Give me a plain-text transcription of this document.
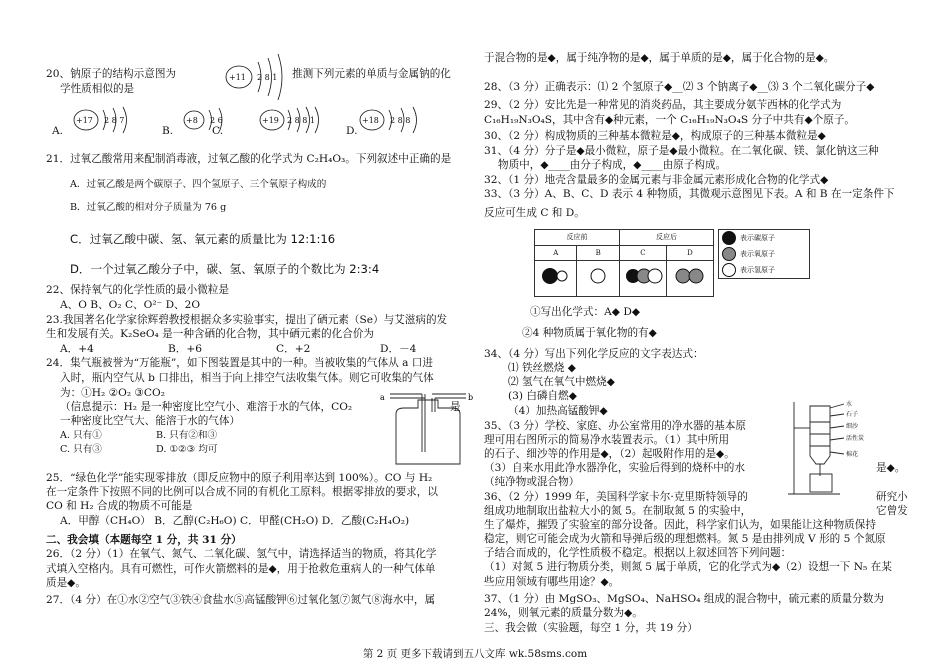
20、钠原子的结构示意图为	推测下列元素的单质与金属钠的化
学性质相似的是
+11 2 8 1
A.
+17 2 8 7
B.
+8 2 6
C.
+19 2 8 8 1
D.
+18 2 8 8
21．过氧乙酸常用来配制消毒液，过氧乙酸的化学式为 C₂H₄O₃。下列叙述中正确的是
A．过氧乙酸是两个碳原子、四个氢原子、三个氧原子构成的
B．过氧乙酸的相对分子质量为 76 g
C．过氧乙酸中碳、氢、氧元素的质量比为 12:1:16
D．一个过氧乙酸分子中，碳、氢、氧原子的个数比为 2:3:4
22、保持氧气的化学性质的最小微粒是
A、O B、O₂ C、O²⁻ D、2O
23.我国著名化学家徐辉碧教授根据众多实验事实，提出了硒元素（Se）与艾滋病的发
生和发展有关。K₂SeO₄ 是一种含硒的化合物，其中硒元素的化合价为
A．+4	B．+6	C．+2	D．－4
24．集气瓶被誉为“万能瓶”，如下图装置是其中的一种。当被收集的气体从 a 口进
入时，瓶内空气从 b 口排出，相当于向上排空气法收集气体。则它可收集的气体
为：①H₂ ②O₂ ③CO₂
（信息提示：H₂ 是一种密度比空气小、难溶于水的气体，CO₂	是
一种密度比空气大、能溶于水的气体）
A. 只有①	B. 只有②和③
C. 只有③	D. ①②③ 均可
a	b
25．“绿色化学”能实现零排放（即反应物中的原子利用率达到 100%）。CO 与 H₂
在一定条件下按照不同的比例可以合成不同的有机化工原料。根据零排放的要求，以
CO 和 H₂ 合成的物质不可能是
A．甲醇（CH₄O） B．乙醇(C₂H₆O) C．甲醛(CH₂O) D．乙酸(C₂H₄O₂)
二、我会填（本题每空 1 分，共 31 分）
26．（2 分）（1）在氧气、氮气、二氧化碳、氢气中，请选择适当的物质，将其化学
式填入空格内。具有可燃性，可作火箭燃料的是◆，用于抢救危重病人的一种气体单
质是◆。
27．（4 分）在①水②空气③铁④食盐水⑤高锰酸钾⑥过氧化氢⑦氮气⑧海水中，属
于混合物的是◆，属于纯净物的是◆，属于单质的是◆，属于化合物的是◆。
28、（3 分）正确表示：⑴ 2 个氢原子◆__⑵ 3 个钠离子◆__⑶ 3 个二氧化碳分子◆
29、（2 分）安比先是一种常见的消炎药品，其主要成分氨苄西林的化学式为
C₁₆H₁₉N₃O₄S，其中含有◆种元素，一个 C₁₆H₁₉N₃O₄S 分子中共有◆个原子。
30、（2 分）构成物质的三种基本微粒是◆，构成原子的三种基本微粒是◆
31、（4 分）分子是◆最小微粒，原子是◆最小微粒。在二氧化碳、镁、氯化钠这三种
物质中，◆____由分子构成，◆____由原子构成。
32、（1 分）地壳含量最多的金属元素与非金属元素形成化合物的化学式◆
33、（3 分）A、B、C、D 表示 4 种物质，其微观示意图见下表。A 和 B 在一定条件下
反应可生成 C 和 D。
反应前		反应后	
A	B	C	D

表示碳原子
表示氧原子
表示氢原子
①写出化学式：A◆ D◆
②4 种物质属于氧化物的有◆
34、（4 分）写出下列化学反应的文字表达式：
⑴ 铁丝燃烧 ◆
⑵ 氢气在氧气中燃烧◆
(3) 白磷自燃◆
（4）加热高锰酸钾◆
35、（3 分）学校、家庭、办公室常用的净水器的基本原
理可用右图所示的简易净水装置表示。（1）其中所用
的石子、细沙等的作用是◆，（2）起吸附作用的是◆。
（3）自来水用此净水器净化，实验后得到的烧杯中的水	是◆。
（纯净物或混合物）
水
石子
细沙
活性炭
棉花
36、（2 分）1999 年，美国科学家卡尔·克里斯特领导的	研究小
组成功地制取出盐粒大小的氮 5。在制取氮 5 的实验中，	它曾发
生了爆炸，摧毁了实验室的部分设备。因此，科学家们认为，如果能让这种物质保持
稳定，则它可能会成为火箭和导弹后级的理想燃料。氮 5 是由排列成 V 形的 5 个氮原
子结合而成的，化学性质极不稳定。根据以上叙述回答下列问题：
（1）对氮 5 进行物质分类，则氮 5 属于单质，它的化学式为◆（2）设想一下 N₅ 在某
些应用领域有哪些用途？◆。
37、（1 分）由 MgSO₃、MgSO₄、NaHSO₄ 组成的混合物中，硫元素的质量分数为
24%，则氧元素的质量分数为◆。
三、我会做（实验题，每空 1 分，共 19 分）
第 2 页 更多下载请到五八文库 wk.58sms.com
